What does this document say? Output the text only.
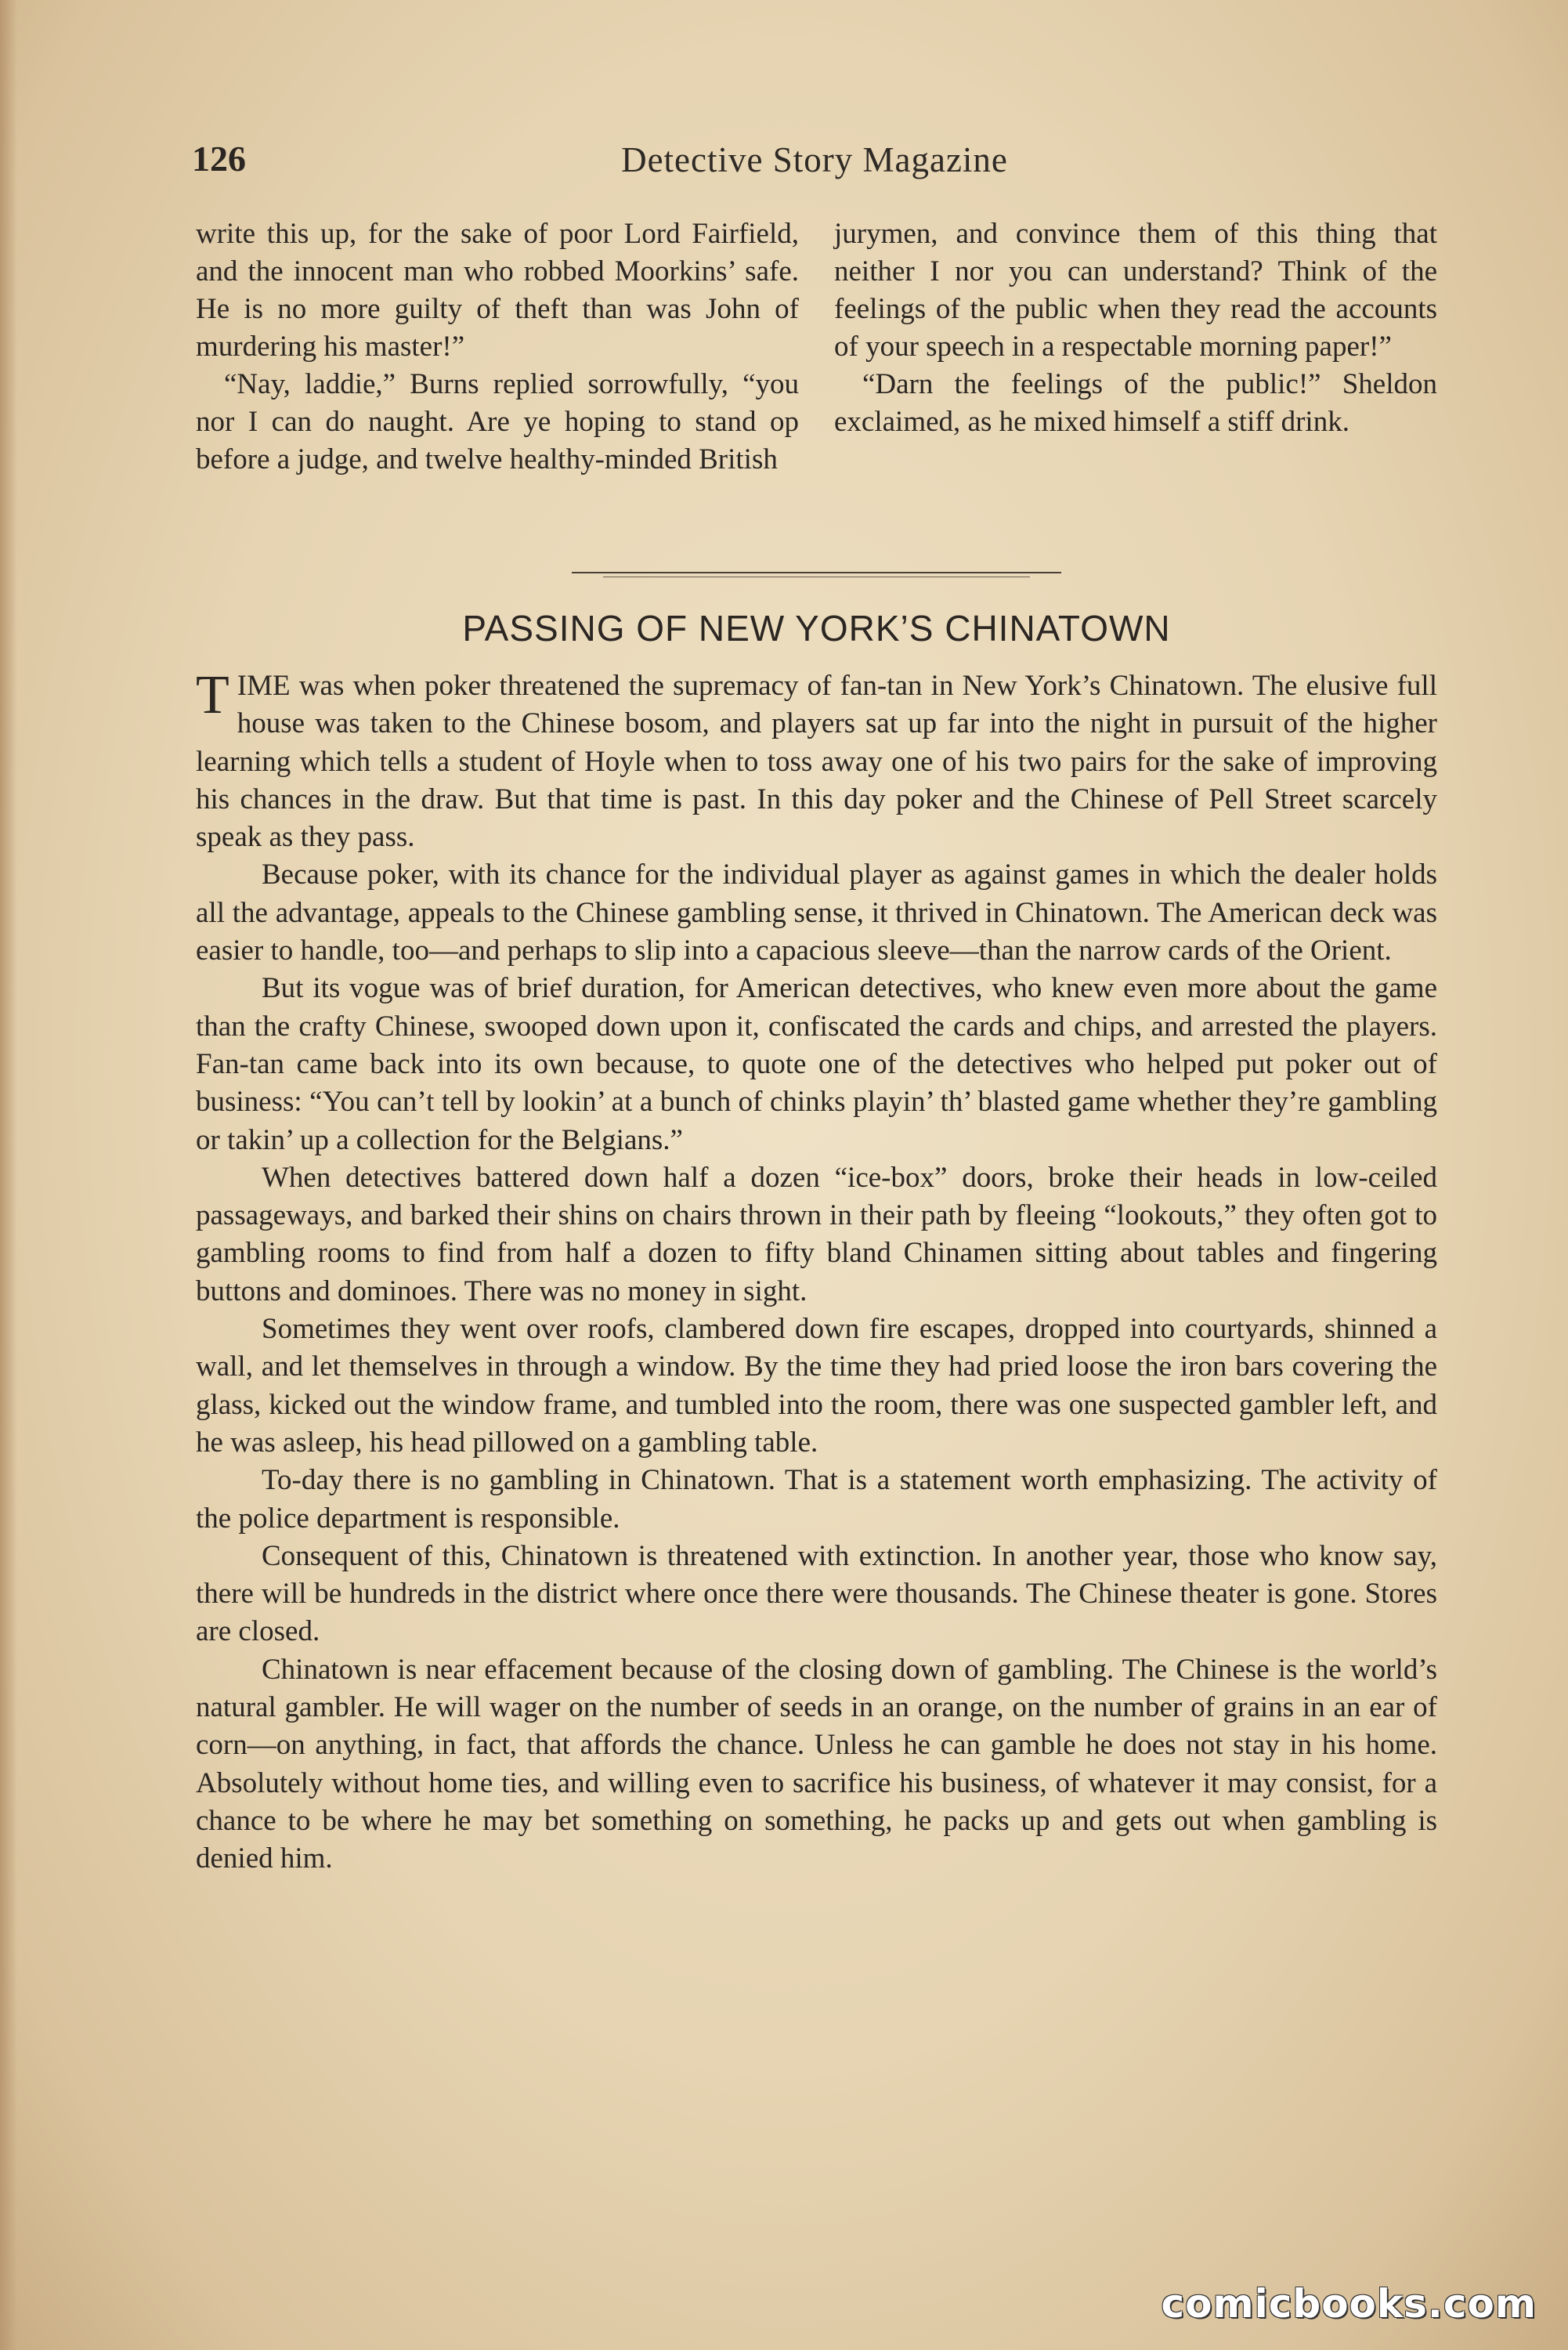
126	Detective Story Magazine

write this up, for the sake of poor Lord Fairfield, and the innocent man who robbed Moorkins’ safe. He is no more guilty of theft than was John of murdering his master!”

“Nay, laddie,” Burns replied sorrowfully, “you nor I can do naught. Are ye hoping to stand op before a judge, and twelve healthy-minded British

jurymen, and convince them of this thing that neither I nor you can understand? Think of the feelings of the public when they read the accounts of your speech in a respectable morning paper!”

“Darn the feelings of the public!” Sheldon exclaimed, as he mixed himself a stiff drink.

PASSING OF NEW YORK’S CHINATOWN

TIME was when poker threatened the supremacy of fan-tan in New York’s Chinatown. The elusive full house was taken to the Chinese bosom, and players sat up far into the night in pursuit of the higher learning which tells a student of Hoyle when to toss away one of his two pairs for the sake of improving his chances in the draw. But that time is past. In this day poker and the Chinese of Pell Street scarcely speak as they pass.

Because poker, with its chance for the individual player as against games in which the dealer holds all the advantage, appeals to the Chinese gambling sense, it thrived in Chinatown. The American deck was easier to handle, too—and perhaps to slip into a capacious sleeve—than the narrow cards of the Orient.

But its vogue was of brief duration, for American detectives, who knew even more about the game than the crafty Chinese, swooped down upon it, confiscated the cards and chips, and arrested the players. Fan-tan came back into its own because, to quote one of the detectives who helped put poker out of business: “You can’t tell by lookin’ at a bunch of chinks playin’ th’ blasted game whether they’re gambling or takin’ up a collection for the Belgians.”

When detectives battered down half a dozen “ice-box” doors, broke their heads in low-ceiled passageways, and barked their shins on chairs thrown in their path by fleeing “lookouts,” they often got to gambling rooms to find from half a dozen to fifty bland Chinamen sitting about tables and fingering buttons and dominoes. There was no money in sight.

Sometimes they went over roofs, clambered down fire escapes, dropped into courtyards, shinned a wall, and let themselves in through a window. By the time they had pried loose the iron bars covering the glass, kicked out the window frame, and tumbled into the room, there was one suspected gambler left, and he was asleep, his head pillowed on a gambling table.

To-day there is no gambling in Chinatown. That is a statement worth emphasizing. The activity of the police department is responsible.

Consequent of this, Chinatown is threatened with extinction. In another year, those who know say, there will be hundreds in the district where once there were thousands. The Chinese theater is gone. Stores are closed.

Chinatown is near effacement because of the closing down of gambling. The Chinese is the world’s natural gambler. He will wager on the number of seeds in an orange, on the number of grains in an ear of corn—on anything, in fact, that affords the chance. Unless he can gamble he does not stay in his home. Absolutely without home ties, and willing even to sacrifice his business, of whatever it may consist, for a chance to be where he may bet something on something, he packs up and gets out when gambling is denied him.

comicbooks.com
